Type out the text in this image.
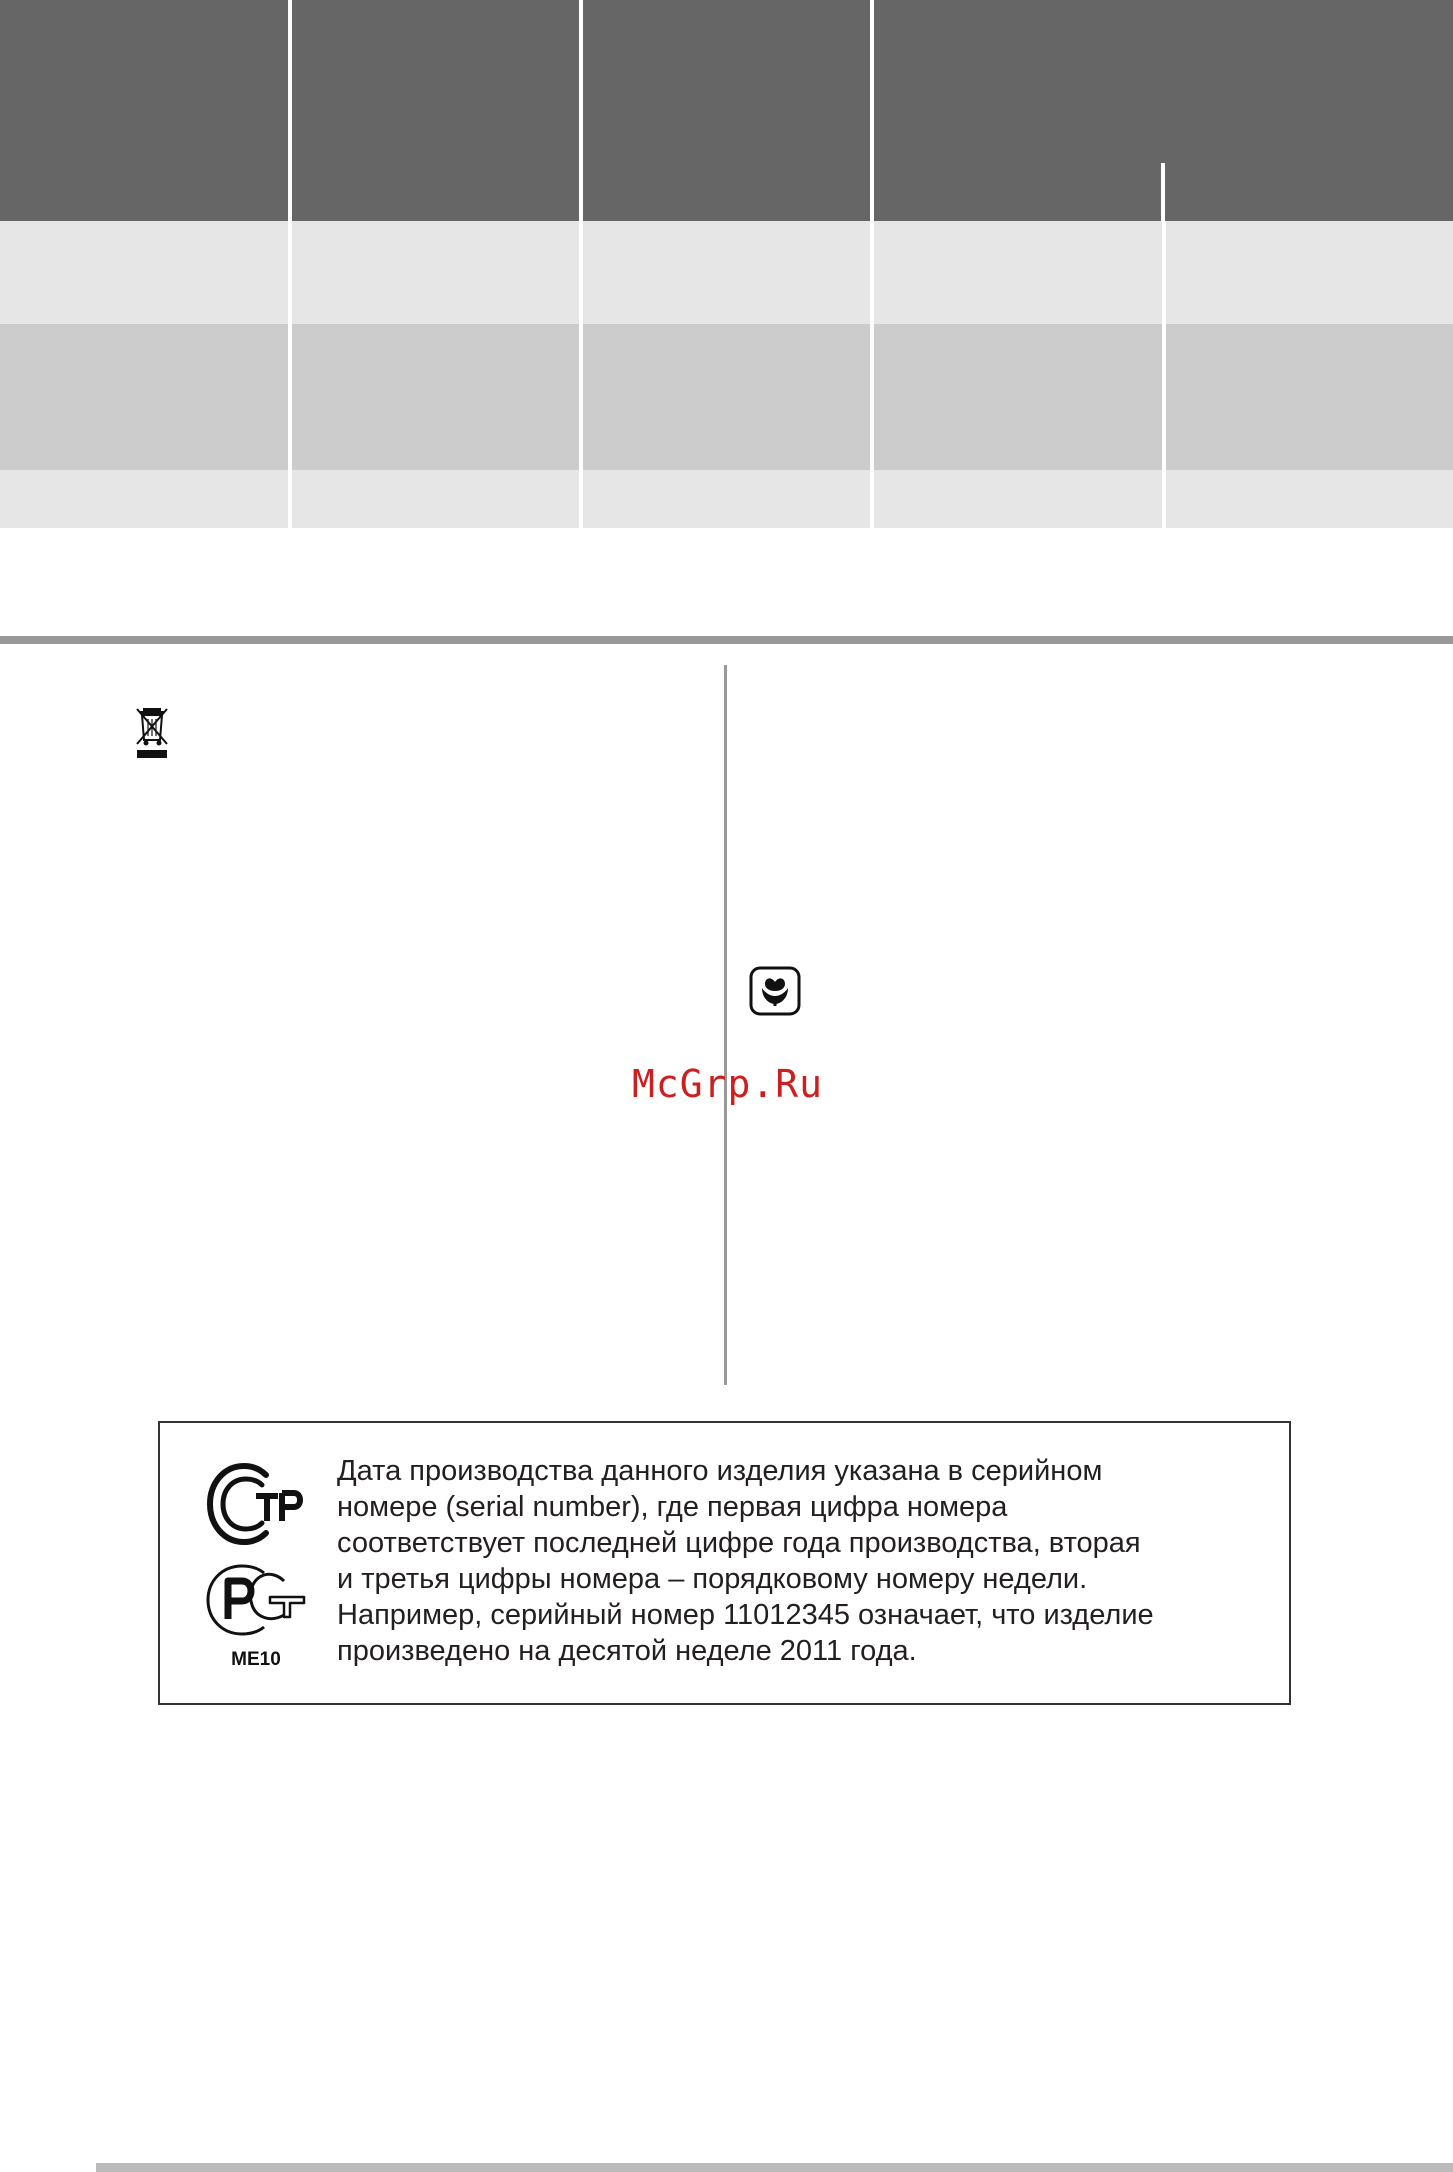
McGrp.Ru
ME10
Дата производства данного изделия указана в серийном
номере (serial number), где первая цифра номера
соответствует последней цифре года производства, вторая
и третья цифры номера – порядковому номеру недели.
Например, серийный номер 11012345 означает, что изделие
произведено на десятой неделе 2011 года.
